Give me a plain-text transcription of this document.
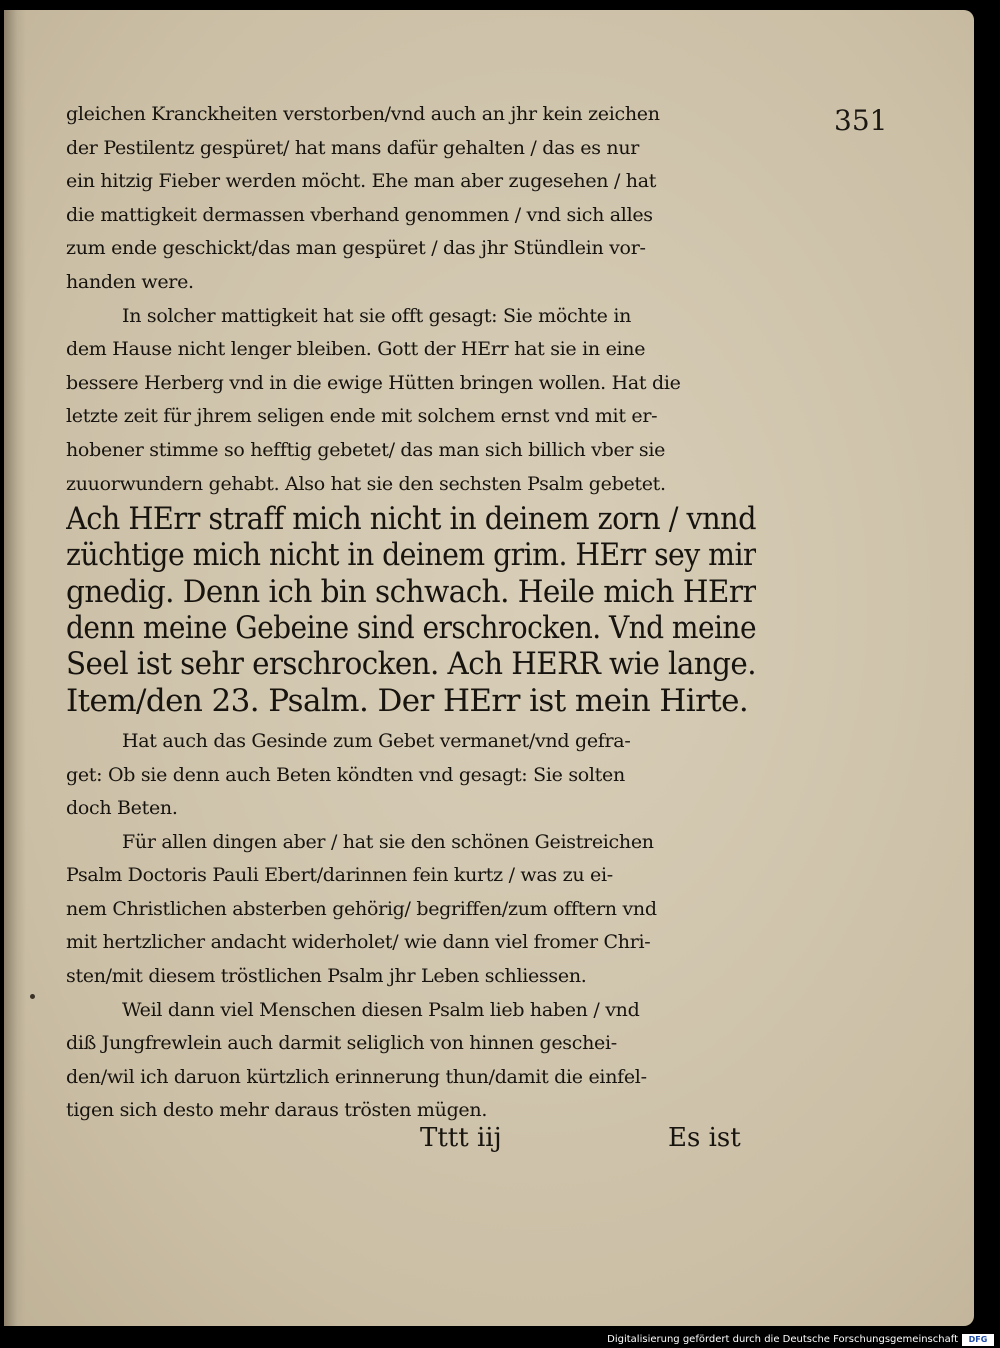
351
gleichen Kranckheiten verstorben/vnd auch an jhr kein zeichen
der Pestilentz gespüret/ hat mans dafür gehalten / das es nur
ein hitzig Fieber werden möcht. Ehe man aber zugesehen / hat
die mattigkeit dermassen vberhand genommen / vnd sich alles
zum ende geschickt/das man gespüret / das jhr Stündlein vor-
handen were.
In solcher mattigkeit hat sie offt gesagt: Sie möchte in
dem Hause nicht lenger bleiben. Gott der HErr hat sie in eine
bessere Herberg vnd in die ewige Hütten bringen wollen. Hat die
letzte zeit für jhrem seligen ende mit solchem ernst vnd mit er-
hobener stimme so hefftig gebetet/ das man sich billich vber sie
zuuorwundern gehabt. Also hat sie den sechsten Psalm gebetet.
Ach HErr straff mich nicht in deinem zorn / vnnd
züchtige mich nicht in deinem grim. HErr sey mir
gnedig. Denn ich bin schwach. Heile mich HErr
denn meine Gebeine sind erschrocken. Vnd meine
Seel ist sehr erschrocken. Ach HERR wie lange.
Item/den 23. Psalm. Der HErr ist mein Hirte.
Hat auch das Gesinde zum Gebet vermanet/vnd gefra-
get: Ob sie denn auch Beten köndten vnd gesagt: Sie solten
doch Beten.
Für allen dingen aber / hat sie den schönen Geistreichen
Psalm Doctoris Pauli Ebert/darinnen fein kurtz / was zu ei-
nem Christlichen absterben gehörig/ begriffen/zum offtern vnd
mit hertzlicher andacht widerholet/ wie dann viel fromer Chri-
sten/mit diesem tröstlichen Psalm jhr Leben schliessen.
Weil dann viel Menschen diesen Psalm lieb haben / vnd
diß Jungfrewlein auch darmit seliglich von hinnen geschei-
den/wil ich daruon kürtzlich erinnerung thun/damit die einfel-
tigen sich desto mehr daraus trösten mügen.
Tttt iij	Es ist
Digitalisierung gefördert durch die Deutsche Forschungsgemeinschaft	DFG
